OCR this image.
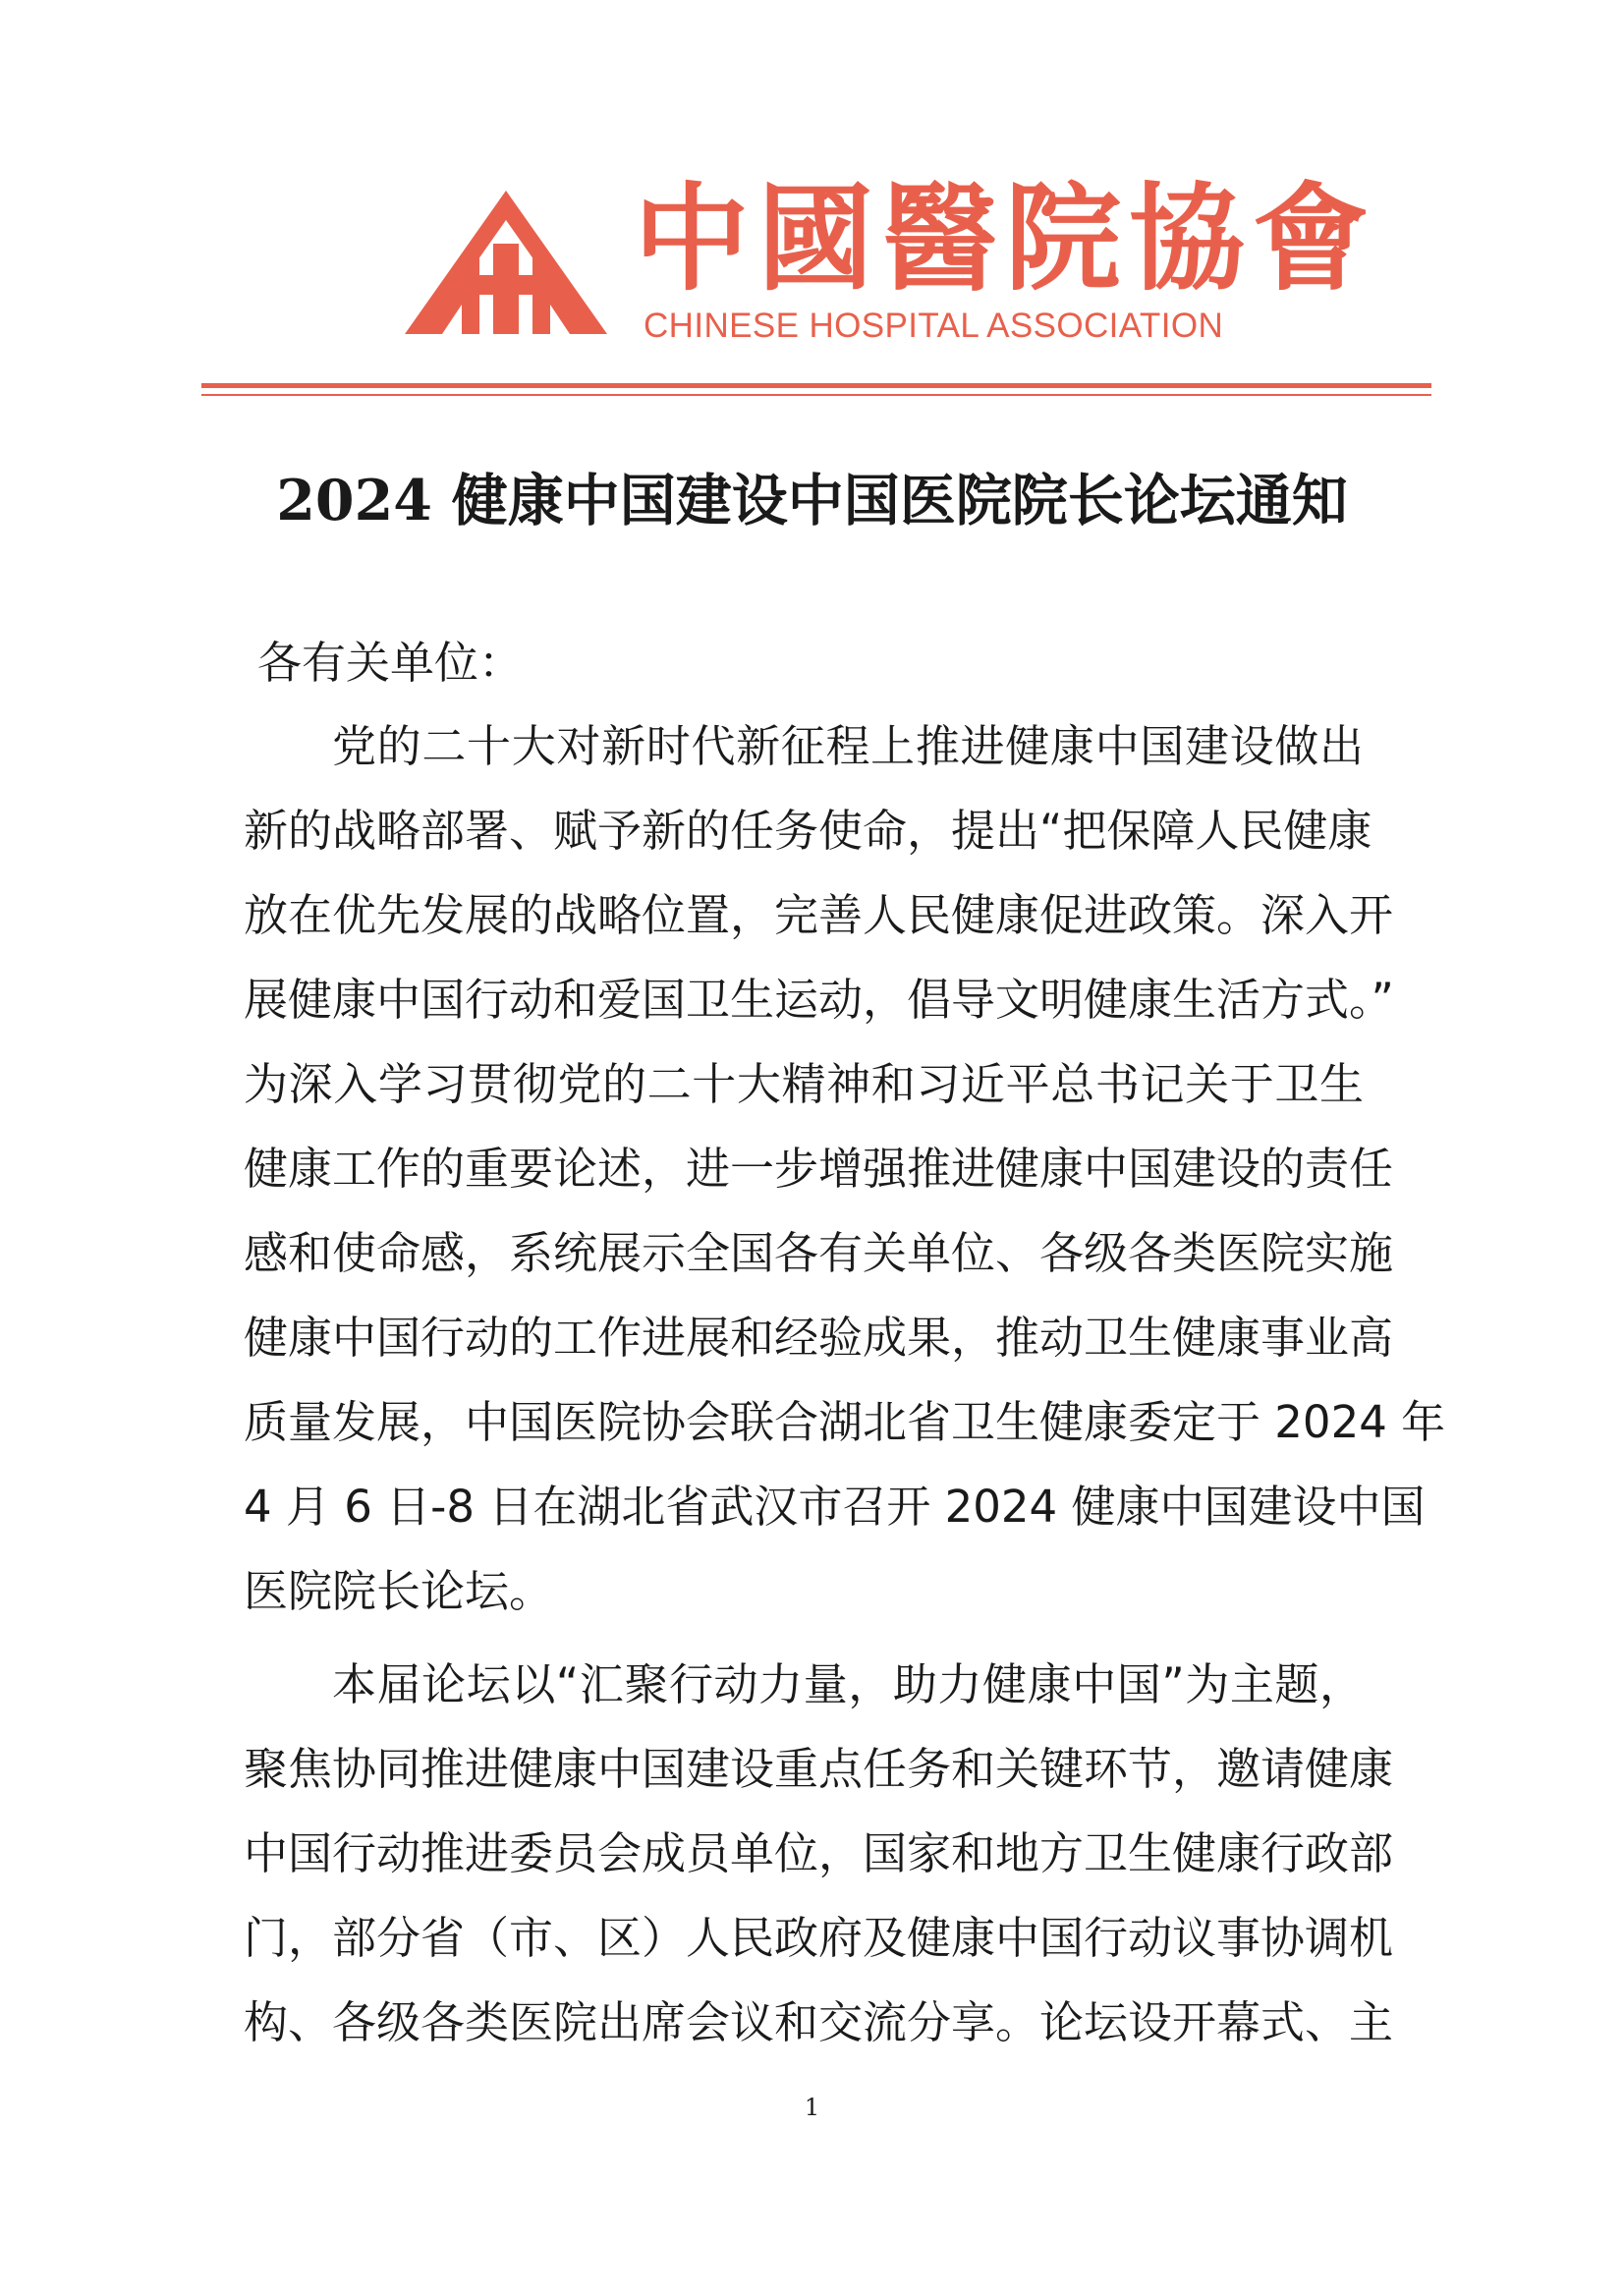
中國醫院協會
CHINESE HOSPITAL ASSOCIATION
2024 健康中国建设中国医院院长论坛通知
各有关单位：
党的二十大对新时代新征程上推进健康中国建设做出
新的战略部署、赋予新的任务使命，提出“把保障人民健康
放在优先发展的战略位置，完善人民健康促进政策。深入开
展健康中国行动和爱国卫生运动，倡导文明健康生活方式。”
为深入学习贯彻党的二十大精神和习近平总书记关于卫生
健康工作的重要论述，进一步增强推进健康中国建设的责任
感和使命感，系统展示全国各有关单位、各级各类医院实施
健康中国行动的工作进展和经验成果，推动卫生健康事业高
质量发展，中国医院协会联合湖北省卫生健康委定于 2024 年
4 月 6 日-8 日在湖北省武汉市召开 2024 健康中国建设中国
医院院长论坛。
本届论坛以“汇聚行动力量，助力健康中国”为主题，
聚焦协同推进健康中国建设重点任务和关键环节，邀请健康
中国行动推进委员会成员单位，国家和地方卫生健康行政部
门，部分省（市、区）人民政府及健康中国行动议事协调机
构、各级各类医院出席会议和交流分享。论坛设开幕式、主
1
